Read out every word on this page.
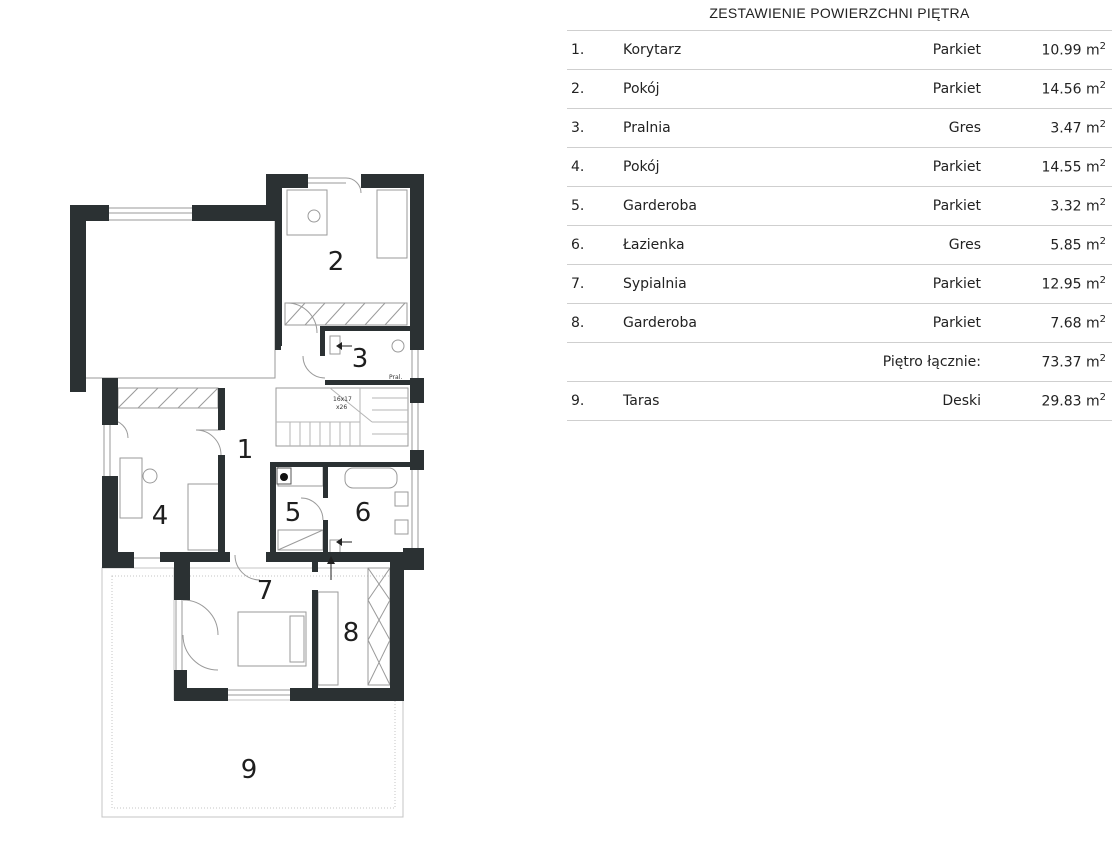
16x17
x26
Pral.
1
2
3
4	5 6
7
8
9
ZESTAWIENIE POWIERZCHNI PIĘTRA
1.	Korytarz	Parkiet	10.99 $m^2$
2.	Pokój	Parkiet	14.56 $m^2$
3.	Pralnia	Gres	3.47 $m^2$
4.	Pokój	Parkiet	14.55 $m^2$
5.	Garderoba	Parkiet	3.32 $m^2$
6.	Łazienka	Gres	5.85 $m^2$
7.	Sypialnia	Parkiet	12.95 $m^2$
8.	Garderoba	Parkiet	7.68 $m^2$
		Piętro łącznie:	73.37 $m^2$
9.	Taras	Deski	29.83 $m^2$
